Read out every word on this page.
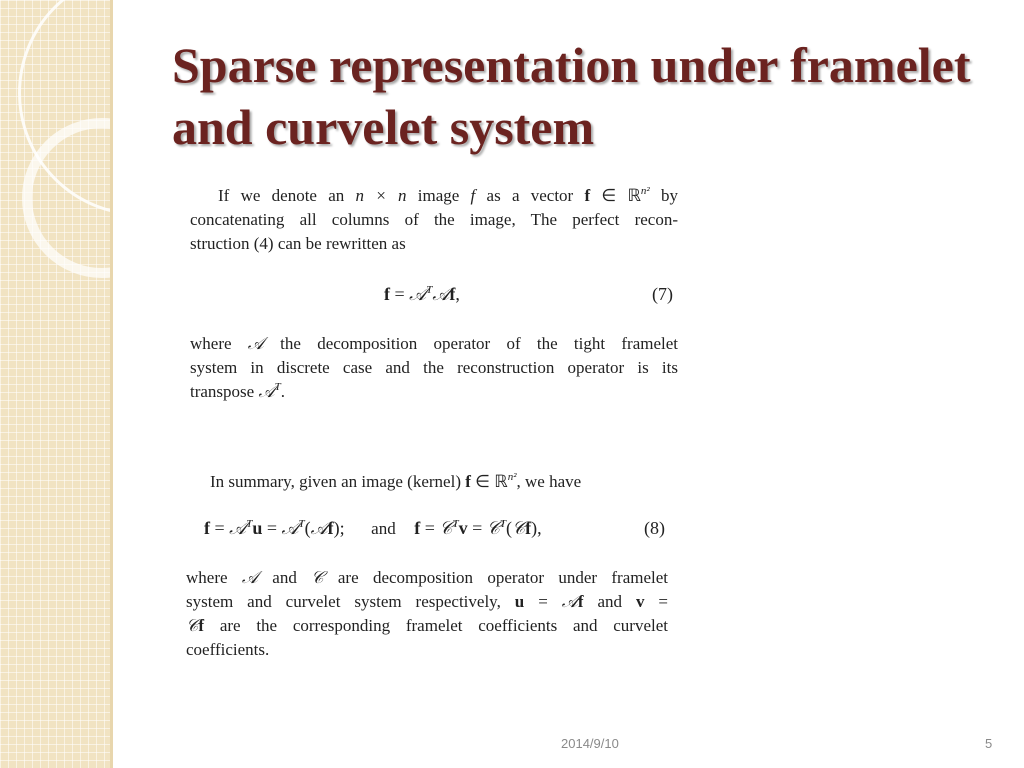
Sparse representation under framelet and curvelet system
If we denote an n × n image f as a vector f ∈ ℝ$^{n^2}$ by
concatenating all columns of the image, The perfect recon-
struction (4) can be rewritten as
f = 𝒜$^T$𝒜f,	(7)
where 𝒜 the decomposition operator of the tight framelet
system in discrete case and the reconstruction operator is its
transpose 𝒜$^T$.
In summary, given an image (kernel) f ∈ ℝ$^{n^2}$, we have
f = 𝒜$^T$u = 𝒜$^T$(𝒜f); and f = 𝒞$^T$v = 𝒞$^T$(𝒞f),	(8)
where 𝒜 and 𝒞 are decomposition operator under framelet
system and curvelet system respectively, u = 𝒜f and v =
𝒞f are the corresponding framelet coefficients and curvelet
coefficients.
2014/9/10	5
